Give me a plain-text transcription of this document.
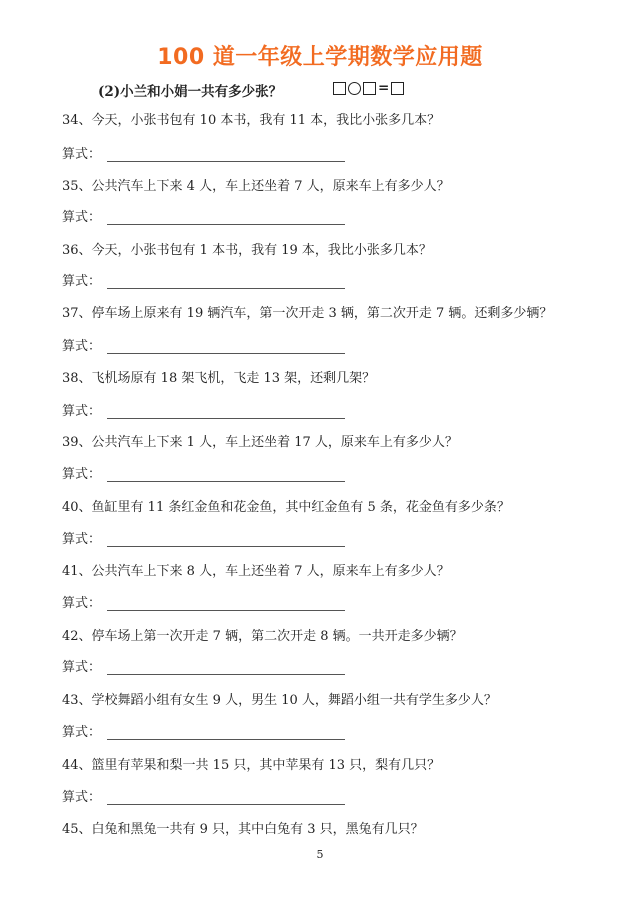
100 道一年级上学期数学应用题
(2)小兰和小娟一共有多少张？	=
34、今天，小张书包有 10 本书，我有 11 本，我比小张多几本？
算式：
35、公共汽车上下来 4 人，车上还坐着 7 人，原来车上有多少人？
算式：
36、今天，小张书包有 1 本书，我有 19 本，我比小张多几本？
算式：
37、停车场上原来有 19 辆汽车，第一次开走 3 辆，第二次开走 7 辆。还剩多少辆？
算式：
38、飞机场原有 18 架飞机，飞走 13 架，还剩几架？
算式：
39、公共汽车上下来 1 人，车上还坐着 17 人，原来车上有多少人？
算式：
40、鱼缸里有 11 条红金鱼和花金鱼，其中红金鱼有 5 条，花金鱼有多少条？
算式：
41、公共汽车上下来 8 人，车上还坐着 7 人，原来车上有多少人？
算式：
42、停车场上第一次开走 7 辆，第二次开走 8 辆。一共开走多少辆？
算式：
43、学校舞蹈小组有女生 9 人，男生 10 人，舞蹈小组一共有学生多少人？
算式：
44、篮里有苹果和梨一共 15 只，其中苹果有 13 只，梨有几只？
算式：
45、白兔和黑兔一共有 9 只，其中白兔有 3 只，黑兔有几只？
5
